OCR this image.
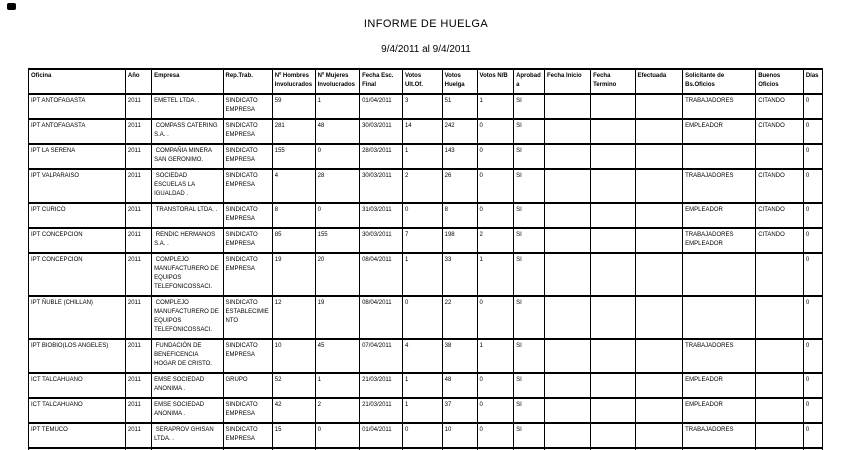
INFORME DE HUELGA
9/4/2011 al 9/4/2011
Oficina	Año	Empresa	Rep.Trab.	Nº Hombres Involucrados	Nº Mujeres Involucrados	Fecha Esc. Final	Votos Ult.Of.	Votos Huelga	Votos N/B	Aprobada	Fecha Inicio	Fecha Termino	Efectuada	Solicitante de Bs.Oficios	Buenos Oficios	Días
IPT ANTOFAGASTA	2011	EMETEL LTDA. .	SINDICATO EMPRESA	59	1	01/04/2011	3	51	1	SI				TRABAJADORES	CITANDO	0
IPT ANTOFAGASTA	2011	COMPASS CATERING S.A. .	SINDICATO EMPRESA	281	48	30/03/2011	14	242	0	SI				EMPLEADOR	CITANDO	0
IPT LA SERENA	2011	COMPAÑIA MINERA SAN GERONIMO.	SINDICATO EMPRESA	155	0	28/03/2011	1	143	0	SI						0
IPT VALPARAISO	2011	SOCIEDAD ESCUELAS LA IGUALDAD .	SINDICATO EMPRESA	4	28	30/03/2011	2	26	0	SI				TRABAJADORES	CITANDO	0
IPT CURICO	2011	TRANSTORAL LTDA. .	SINDICATO EMPRESA	8	0	31/03/2011	0	8	0	SI				EMPLEADOR	CITANDO	0
IPT CONCEPCION	2011	RENDIC HERMANOS S.A. .	SINDICATO EMPRESA	85	155	30/03/2011	7	198	2	SI				TRABAJADORES EMPLEADOR	CITANDO	0
IPT CONCEPCION	2011	COMPLEJO MANUFACTURERO DE EQUIPOS TELEFONICOSSACI.	SINDICATO EMPRESA	19	20	08/04/2011	1	33	1	SI						0
IPT ÑUBLE (CHILLAN)	2011	COMPLEJO MANUFACTURERO DE EQUIPOS TELEFONICOSSACI.	SINDICATO ESTABLECIMIENTO	12	19	08/04/2011	0	22	0	SI						0
IPT BIOBIO(LOS ANGELES)	2011	FUNDACIÓN DE BENEFICENCIA HOGAR DE CRISTO.	SINDICATO EMPRESA	10	45	07/04/2011	4	38	1	SI				TRABAJADORES		0
ICT TALCAHUANO	2011	EMSE SOCIEDAD ANONIMA .	GRUPO	52	1	21/03/2011	1	48	0	SI				EMPLEADOR		0
ICT TALCAHUANO	2011	EMSE SOCIEDAD ANONIMA .	SINDICATO EMPRESA	42	2	21/03/2011	1	37	0	SI				EMPLEADOR		0
IPT TEMUCO	2011	SERAPROV GHISAN LTDA. .	SINDICATO EMPRESA	15	0	01/04/2011	0	10	0	SI				TRABAJADORES		0
